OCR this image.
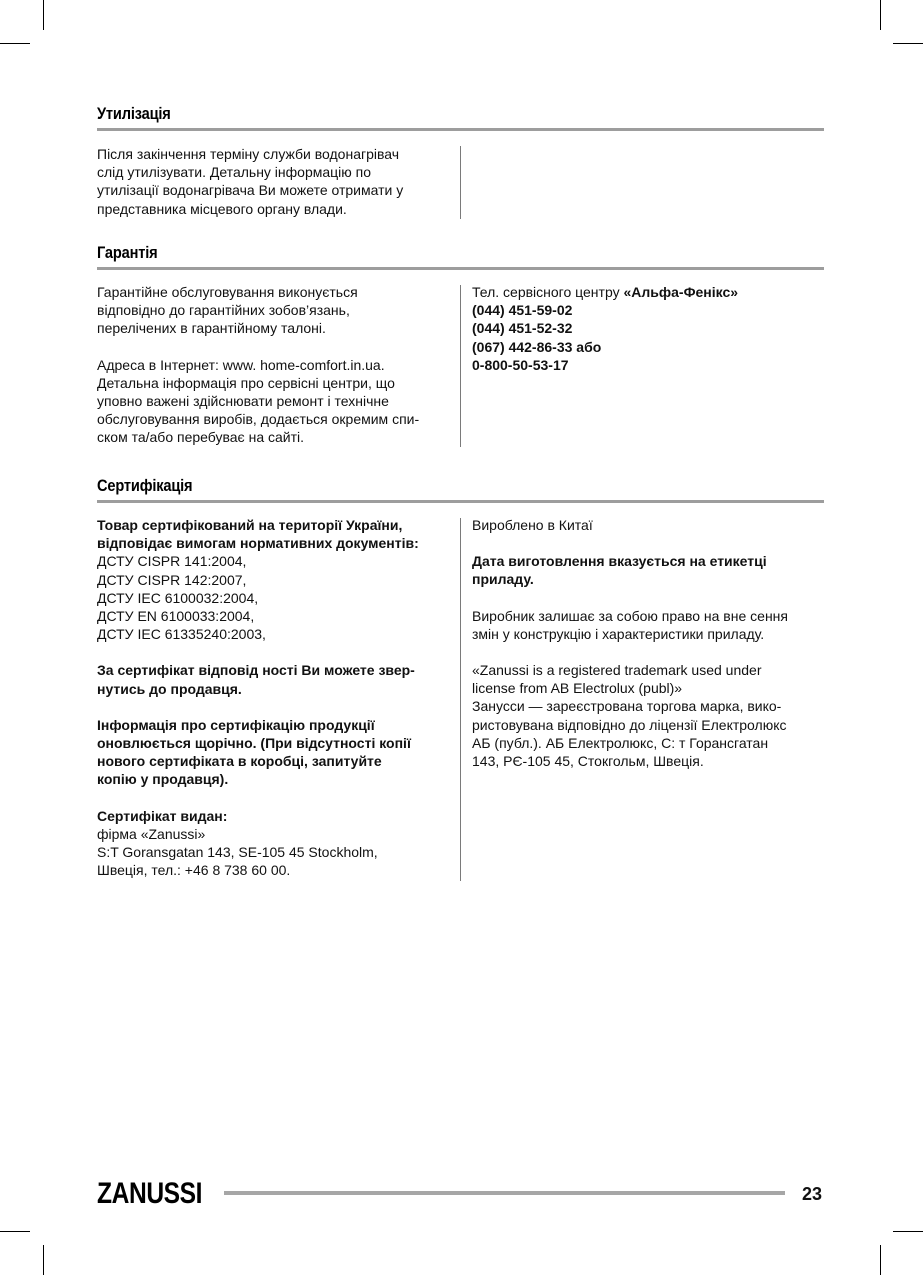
Утилізація

Після закінчення терміну служби водонагрівач

слід утилізувати. Детальну інформацію по

утилізації водонагрівача Ви можете отримати у

представника місцевого органу влади.

Гарантія

Гарантійне обслуговування виконується

відповідно до гарантійних зобов’язань,

перелічених в гарантійному талоні.

Адреса в Інтернет: www. home-comfort.in.ua.

Детальна інформація про сервісні центри, що

уповно важені здійснювати ремонт і технічне

обслуговування виробів, додається окремим спи-

ском та/або перебуває на сайті.

Тел. сервісного центру «Альфа-Фенікс»

(044) 451-59-02

(044) 451-52-32

(067) 442-86-33 або

0-800-50-53-17

Сертифікація

Товар сертифікований на території України,

відповідає вимогам нормативних документів:

ДСТУ CISPR 141:2004,

ДСТУ CISPR 142:2007,

ДСТУ IEC 6100032:2004,

ДСТУ EN 6100033:2004,

ДСТУ IEC 61335240:2003,

За сертифікат відповід ності Ви можете звер-

нутись до продавця.

Інформація про сертифікацію продукції

оновлюється щорічно. (При відсутності копії

нового сертифіката в коробці, запитуйте

копію у продавця).

Сертифікат видан:

фірма «Zanussi»

S:T Goransgatan 143, SE-105 45 Stockholm,

Швеція, тел.: +46 8 738 60 00.

Вироблено в Китаї

Дата виготовлення вказується на етикетці

приладу.

Виробник залишає за собою право на вне сення

змін у конструкцію і характеристики приладу.

«Zanussi is a registered trademark used under

license from AB Electrolux (publ)»

Занусси — зареєстрована торгова марка, вико-

ристовувана відповідно до ліцензії Електролюкс

АБ (публ.). АБ Електролюкс, С: т Горансгатан

143, РЄ-105 45, Стокгольм, Швеція.

ZANUSSI	23
